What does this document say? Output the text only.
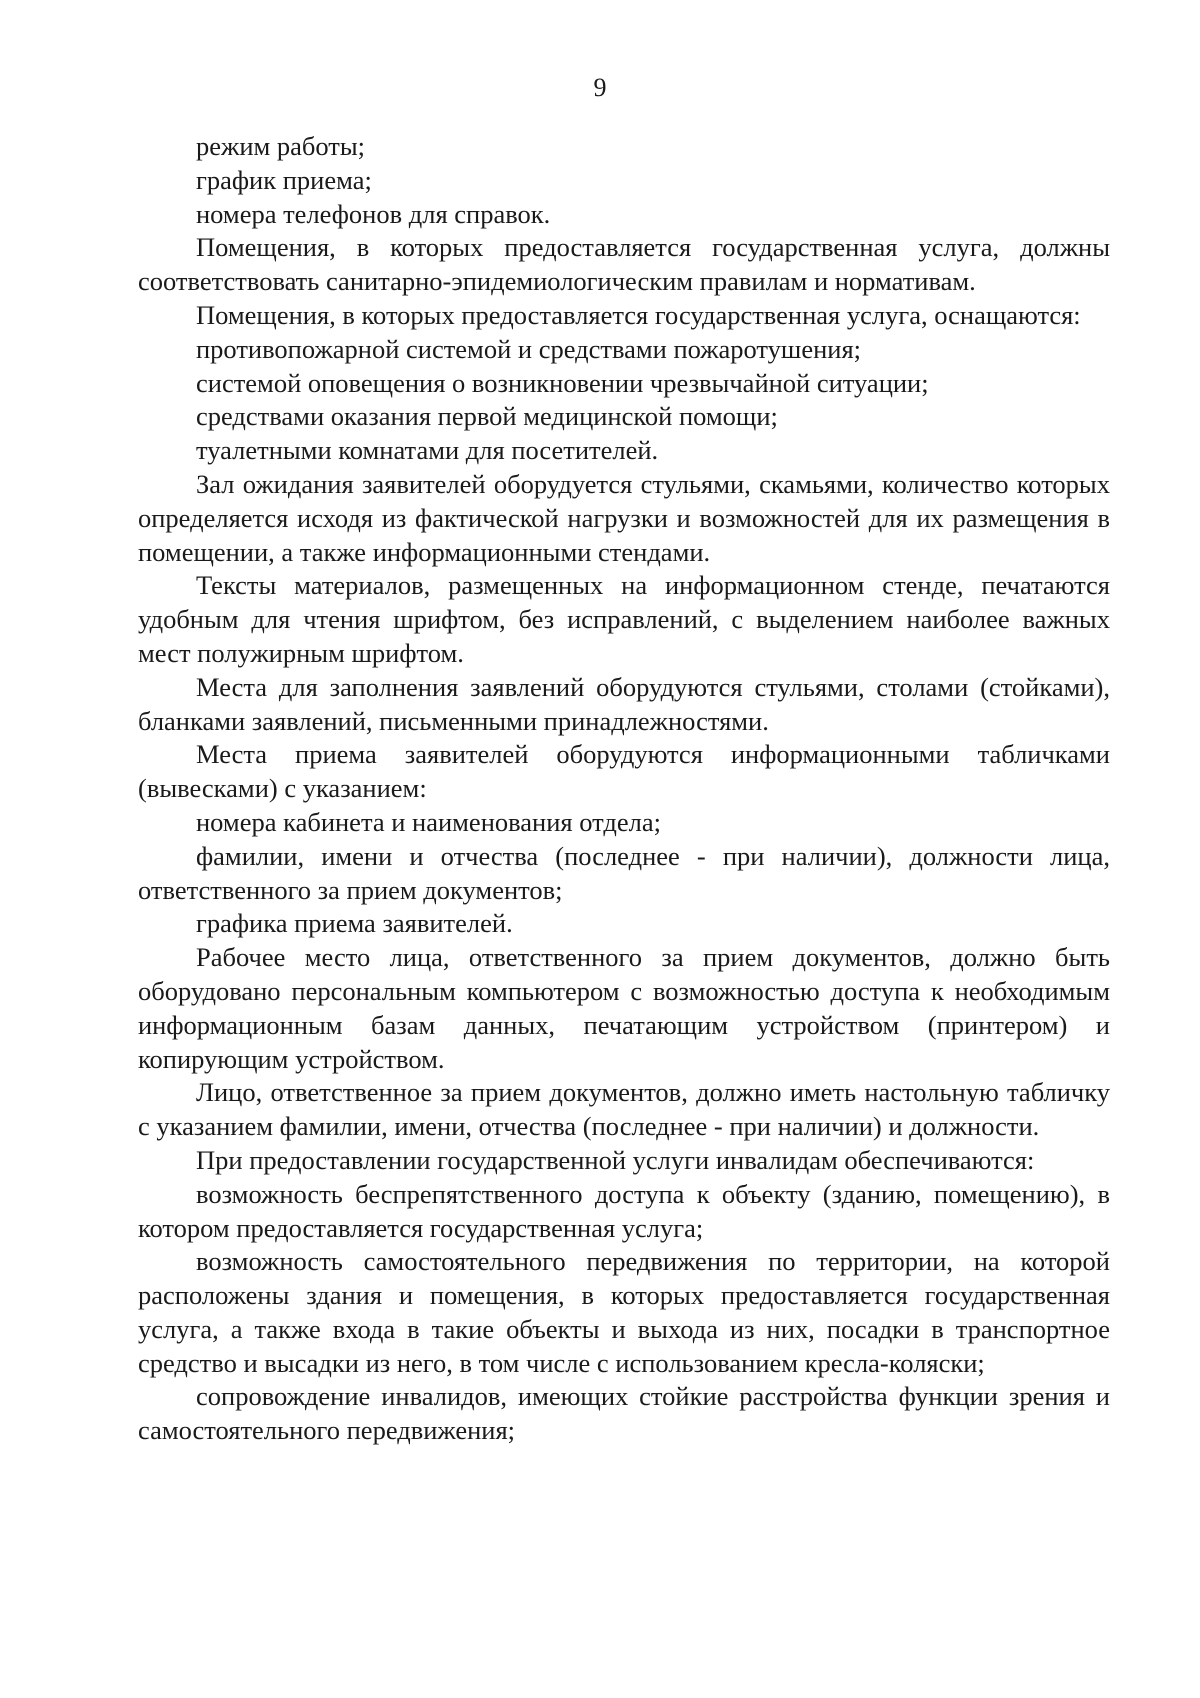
9

режим работы;

график приема;

номера телефонов для справок.

Помещения, в которых предоставляется государственная услуга, должны соответствовать санитарно-эпидемиологическим правилам и нормативам.

Помещения, в которых предоставляется государственная услуга, оснащаются:

противопожарной системой и средствами пожаротушения;

системой оповещения о возникновении чрезвычайной ситуации;

средствами оказания первой медицинской помощи;

туалетными комнатами для посетителей.

Зал ожидания заявителей оборудуется стульями, скамьями, количество которых определяется исходя из фактической нагрузки и возможностей для их размещения в помещении, а также информационными стендами.

Тексты материалов, размещенных на информационном стенде, печатаются удобным для чтения шрифтом, без исправлений, с выделением наиболее важных мест полужирным шрифтом.

Места для заполнения заявлений оборудуются стульями, столами (стойками), бланками заявлений, письменными принадлежностями.

Места приема заявителей оборудуются информационными табличками (вывесками) с указанием:

номера кабинета и наименования отдела;

фамилии, имени и отчества (последнее - при наличии), должности лица, ответственного за прием документов;

графика приема заявителей.

Рабочее место лица, ответственного за прием документов, должно быть оборудовано персональным компьютером с возможностью доступа к необходимым информационным базам данных, печатающим устройством (принтером) и копирующим устройством.

Лицо, ответственное за прием документов, должно иметь настольную табличку с указанием фамилии, имени, отчества (последнее - при наличии) и должности.

При предоставлении государственной услуги инвалидам обеспечиваются:

возможность беспрепятственного доступа к объекту (зданию, помещению), в котором предоставляется государственная услуга;

возможность самостоятельного передвижения по территории, на которой расположены здания и помещения, в которых предоставляется государственная услуга, а также входа в такие объекты и выхода из них, посадки в транспортное средство и высадки из него, в том числе с использованием кресла-коляски;

сопровождение инвалидов, имеющих стойкие расстройства функции зрения и самостоятельного передвижения;
